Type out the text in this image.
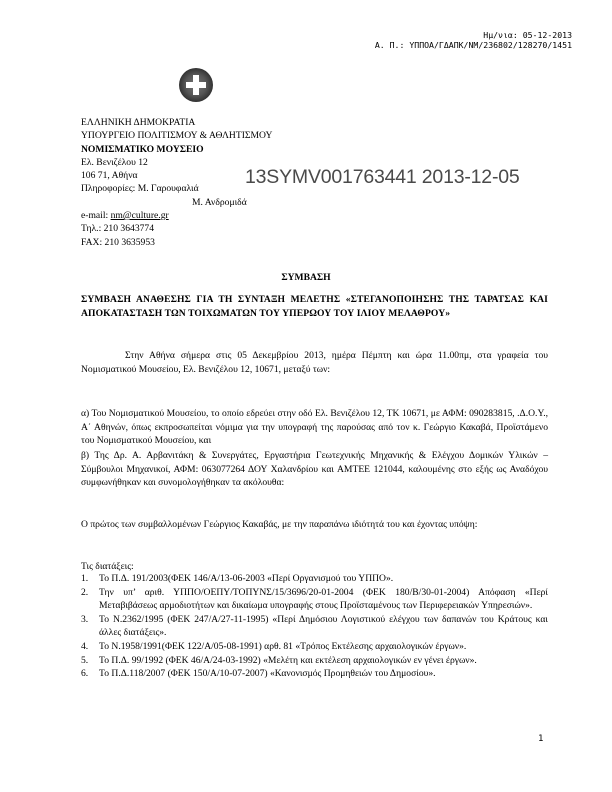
Ημ/νια: 05-12-2013
Α. Π.: ΥΠΠΟΑ/ΓΔΑΠΚ/ΝΜ/236802/128270/1451
ΕΛΛΗΝΙΚΗ ΔΗΜΟΚΡΑΤΙΑ
ΥΠΟΥΡΓΕΙΟ ΠΟΛΙΤΙΣΜΟΥ & ΑΘΛΗΤΙΣΜΟΥ
ΝΟΜΙΣΜΑΤΙΚΟ ΜΟΥΣΕΙΟ
Ελ. Βενιζέλου 12
106 71, Αθήνα
Πληροφορίες: Μ. Γαρουφαλιά
Μ. Ανδρομιδά
e-mail: nm@culture.gr
Τηλ.: 210 3643774
FAX: 210 3635953
13SYMV001763441 2013-12-05
ΣΥΜΒΑΣΗ
ΣΥΜΒΑΣΗ ΑΝΑΘΕΣΗΣ ΓΙΑ ΤΗ ΣΥΝΤΑΞΗ ΜΕΛΕΤΗΣ «ΣΤΕΓΑΝΟΠΟΙΗΣΗΣ ΤΗΣ ΤΑΡΑΤΣΑΣ ΚΑΙ ΑΠΟΚΑΤΑΣΤΑΣΗ ΤΩΝ ΤΟΙΧΩΜΑΤΩΝ ΤΟΥ ΥΠΕΡΩΟΥ ΤΟΥ ΙΛΙΟΥ ΜΕΛΑΘΡΟΥ»
Στην Αθήνα σήμερα στις 05 Δεκεμβρίου 2013, ημέρα Πέμπτη και ώρα 11.00πμ, στα γραφεία του Νομισματικού Μουσείου, Ελ. Βενιζέλου 12, 10671, μεταξύ των:
α) Του Νομισματικού Μουσείου, το οποίο εδρεύει στην οδό Ελ. Βενιζέλου 12, ΤΚ 10671, με ΑΦΜ: 090283815, .Δ.Ο.Υ., Α΄ Αθηνών, όπως εκπροσωπείται νόμιμα για την υπογραφή της παρούσας από τον κ. Γεώργιο Κακαβά, Προϊστάμενο του Νομισματικού Μουσείου, και
β) Της Δρ. Α. Αρβανιτάκη & Συνεργάτες, Εργαστήρια Γεωτεχνικής Μηχανικής & Ελέγχου Δομικών Υλικών – Σύμβουλοι Μηχανικοί, ΑΦΜ: 063077264 ΔΟΥ Χαλανδρίου και ΑΜΤΕΕ 121044, καλουμένης στο εξής ως Αναδόχου συμφωνήθηκαν και συνομολογήθηκαν τα ακόλουθα:
Ο πρώτος των συμβαλλομένων Γεώργιος Κακαβάς, με την παραπάνω ιδιότητά του και έχοντας υπόψη:
Τις διατάξεις:
1. Το Π.Δ. 191/2003(ΦΕΚ 146/Α/13-06-2003 «Περί Οργανισμού του ΥΠΠΟ».
2. Την υπ’ αριθ. ΥΠΠΟ/ΟΕΠΥ/ΤΟΠΥΝΣ/15/3696/20-01-2004 (ΦΕΚ 180/Β/30-01-2004) Απόφαση «Περί Μεταβιβάσεως αρμοδιοτήτων και δικαίωμα υπογραφής στους Προϊσταμένους των Περιφερειακών Υπηρεσιών».
3. Το Ν.2362/1995 (ΦΕΚ 247/Α/27-11-1995) «Περί Δημόσιου Λογιστικού ελέγχου των δαπανών του Κράτους και άλλες διατάξεις».
4. Το Ν.1958/1991(ΦΕΚ 122/Α/05-08-1991) αρθ. 81 «Τρόπος Εκτέλεσης αρχαιολογικών έργων».
5. Το Π.Δ. 99/1992 (ΦΕΚ 46/Α/24-03-1992) «Μελέτη και εκτέλεση αρχαιολογικών εν γένει έργων».
6. Το Π.Δ.118/2007 (ΦΕΚ 150/Α/10-07-2007) «Κανονισμός Προμηθειών του Δημοσίου».
1
